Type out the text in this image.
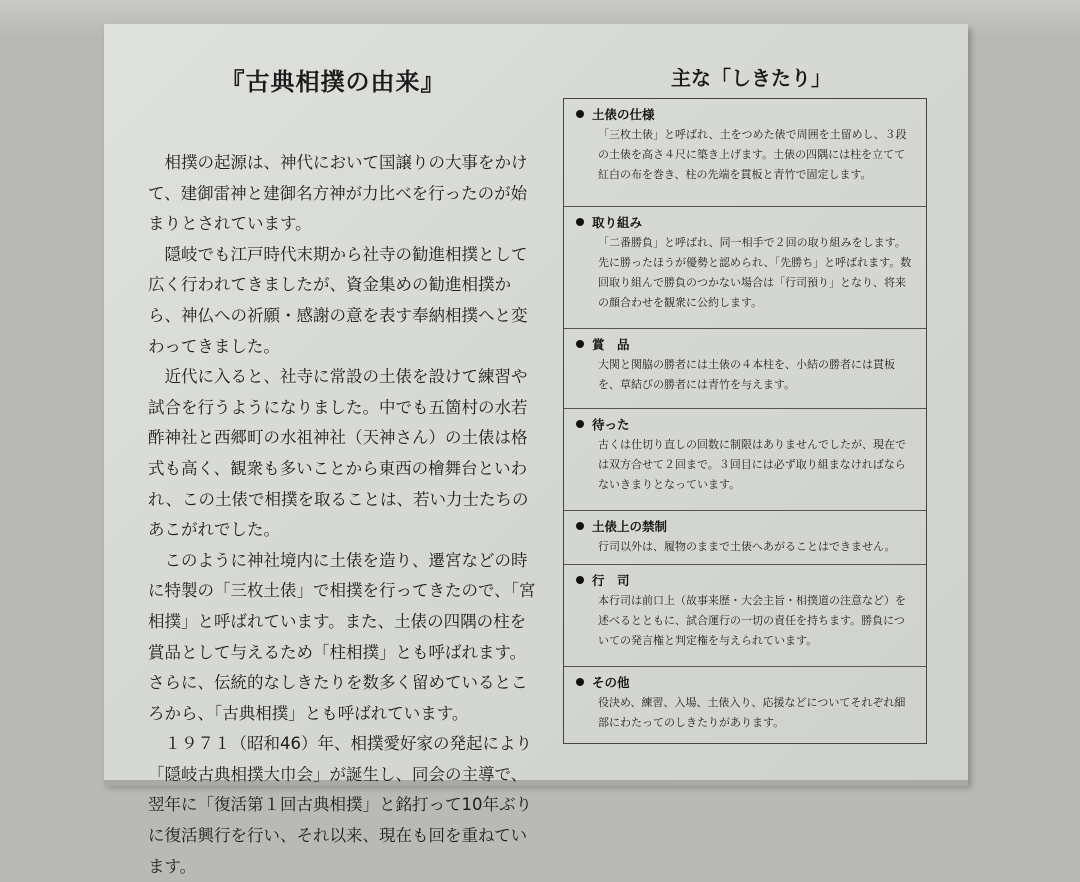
『古典相撲の由来』

相撲の起源は、神代において国譲りの大事をかけて、建御雷神と建御名方神が力比べを行ったのが始まりとされています。

隠岐でも江戸時代末期から社寺の勧進相撲として広く行われてきましたが、資金集めの勧進相撲から、神仏への祈願・感謝の意を表す奉納相撲へと変わってきました。

近代に入ると、社寺に常設の土俵を設けて練習や試合を行うようになりました。中でも五箇村の水若酢神社と西郷町の水祖神社（天神さん）の土俵は格式も高く、観衆も多いことから東西の檜舞台といわれ、この土俵で相撲を取ることは、若い力士たちのあこがれでした。

このように神社境内に土俵を造り、遷宮などの時に特製の「三枚土俵」で相撲を行ってきたので、「宮相撲」と呼ばれています。また、土俵の四隅の柱を賞品として与えるため「柱相撲」とも呼ばれます。さらに、伝統的なしきたりを数多く留めているところから、「古典相撲」とも呼ばれています。

１９７１（昭和46）年、相撲愛好家の発起により「隠岐古典相撲大巾会」が誕生し、同会の主導で、翌年に「復活第１回古典相撲」と銘打って10年ぶりに復活興行を行い、それ以来、現在も回を重ねています。

主な「しきたり」
土俵の仕様
「三枚土俵」と呼ばれ、土をつめた俵で周囲を土留めし、３段の土俵を高さ４尺に築き上げます。土俵の四隅には柱を立てて紅白の布を巻き、柱の先端を貫板と青竹で固定します。
取り組み
「二番勝負」と呼ばれ、同一相手で２回の取り組みをします。先に勝ったほうが優勢と認められ、「先勝ち」と呼ばれます。数回取り組んで勝負のつかない場合は「行司預り」となり、将来の顔合わせを観衆に公約します。
賞　品
大関と関脇の勝者には土俵の４本柱を、小結の勝者には貫板を、草結びの勝者には青竹を与えます。
待った
古くは仕切り直しの回数に制限はありませんでしたが、現在では双方合せて２回まで。３回目には必ず取り組まなければならないきまりとなっています。
土俵上の禁制
行司以外は、履物のままで土俵へあがることはできません。
行　司
本行司は前口上（故事来歴・大会主旨・相撲道の注意など）を述べるとともに、試合運行の一切の責任を持ちます。勝負についての発言権と判定権を与えられています。
その他
役決め、練習、入場、土俵入り、応援などについてそれぞれ細部にわたってのしきたりがあります。
